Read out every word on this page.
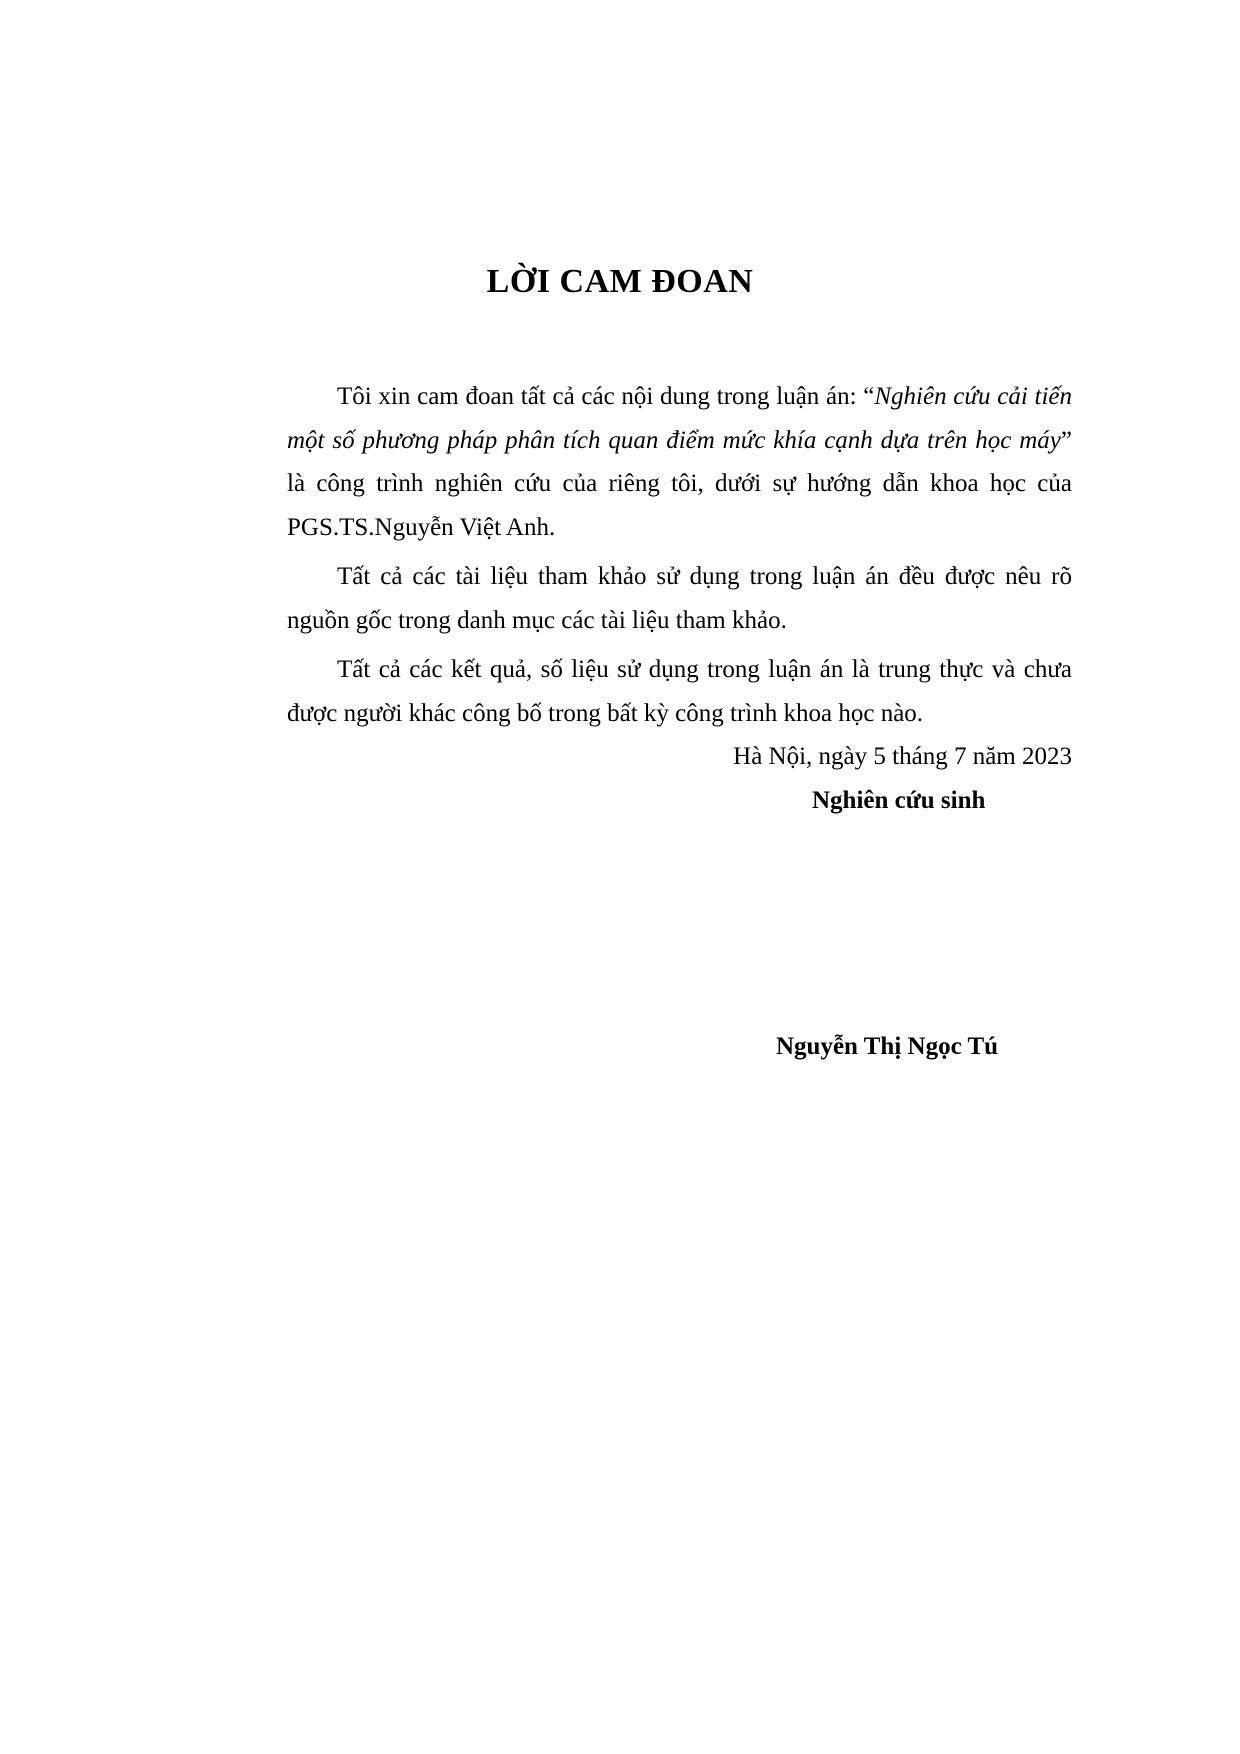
LỜI CAM ĐOAN

Tôi xin cam đoan tất cả các nội dung trong luận án: “Nghiên cứu cải tiến một số phương pháp phân tích quan điểm mức khía cạnh dựa trên học máy” là công trình nghiên cứu của riêng tôi, dưới sự hướng dẫn khoa học của PGS.TS.Nguyễn Việt Anh.

Tất cả các tài liệu tham khảo sử dụng trong luận án đều được nêu rõ nguồn gốc trong danh mục các tài liệu tham khảo.

Tất cả các kết quả, số liệu sử dụng trong luận án là trung thực và chưa được người khác công bố trong bất kỳ công trình khoa học nào.

Hà Nội, ngày 5 tháng 7 năm 2023
Nghiên cứu sinh
Nguyễn Thị Ngọc Tú
